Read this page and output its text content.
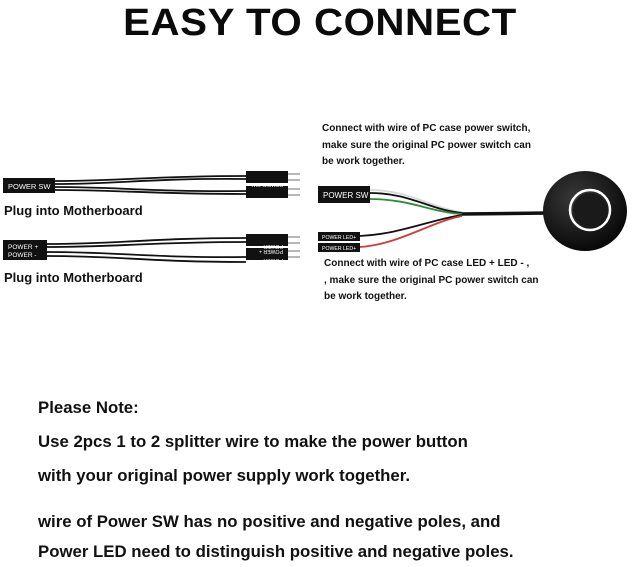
EASY TO CONNECT
POWER SW	POWER SW
POWER SW
POWER +
POWER -
POWER -
POWER +
POWER -
POWER +
POWER SW
POWER LED+
POWER LED+
Plug into Motherboard
Plug into Motherboard
Connect with wire of PC case power switch,
make sure the original PC power switch can
be work together.
Connect with wire of PC case LED + LED - ,
, make sure the original PC power switch can
be work together.
Please Note:
Use 2pcs 1 to 2 splitter wire to make the power button
with your original power supply work together.
wire of Power SW has no positive and negative poles, and
Power LED need to distinguish positive and negative poles.
